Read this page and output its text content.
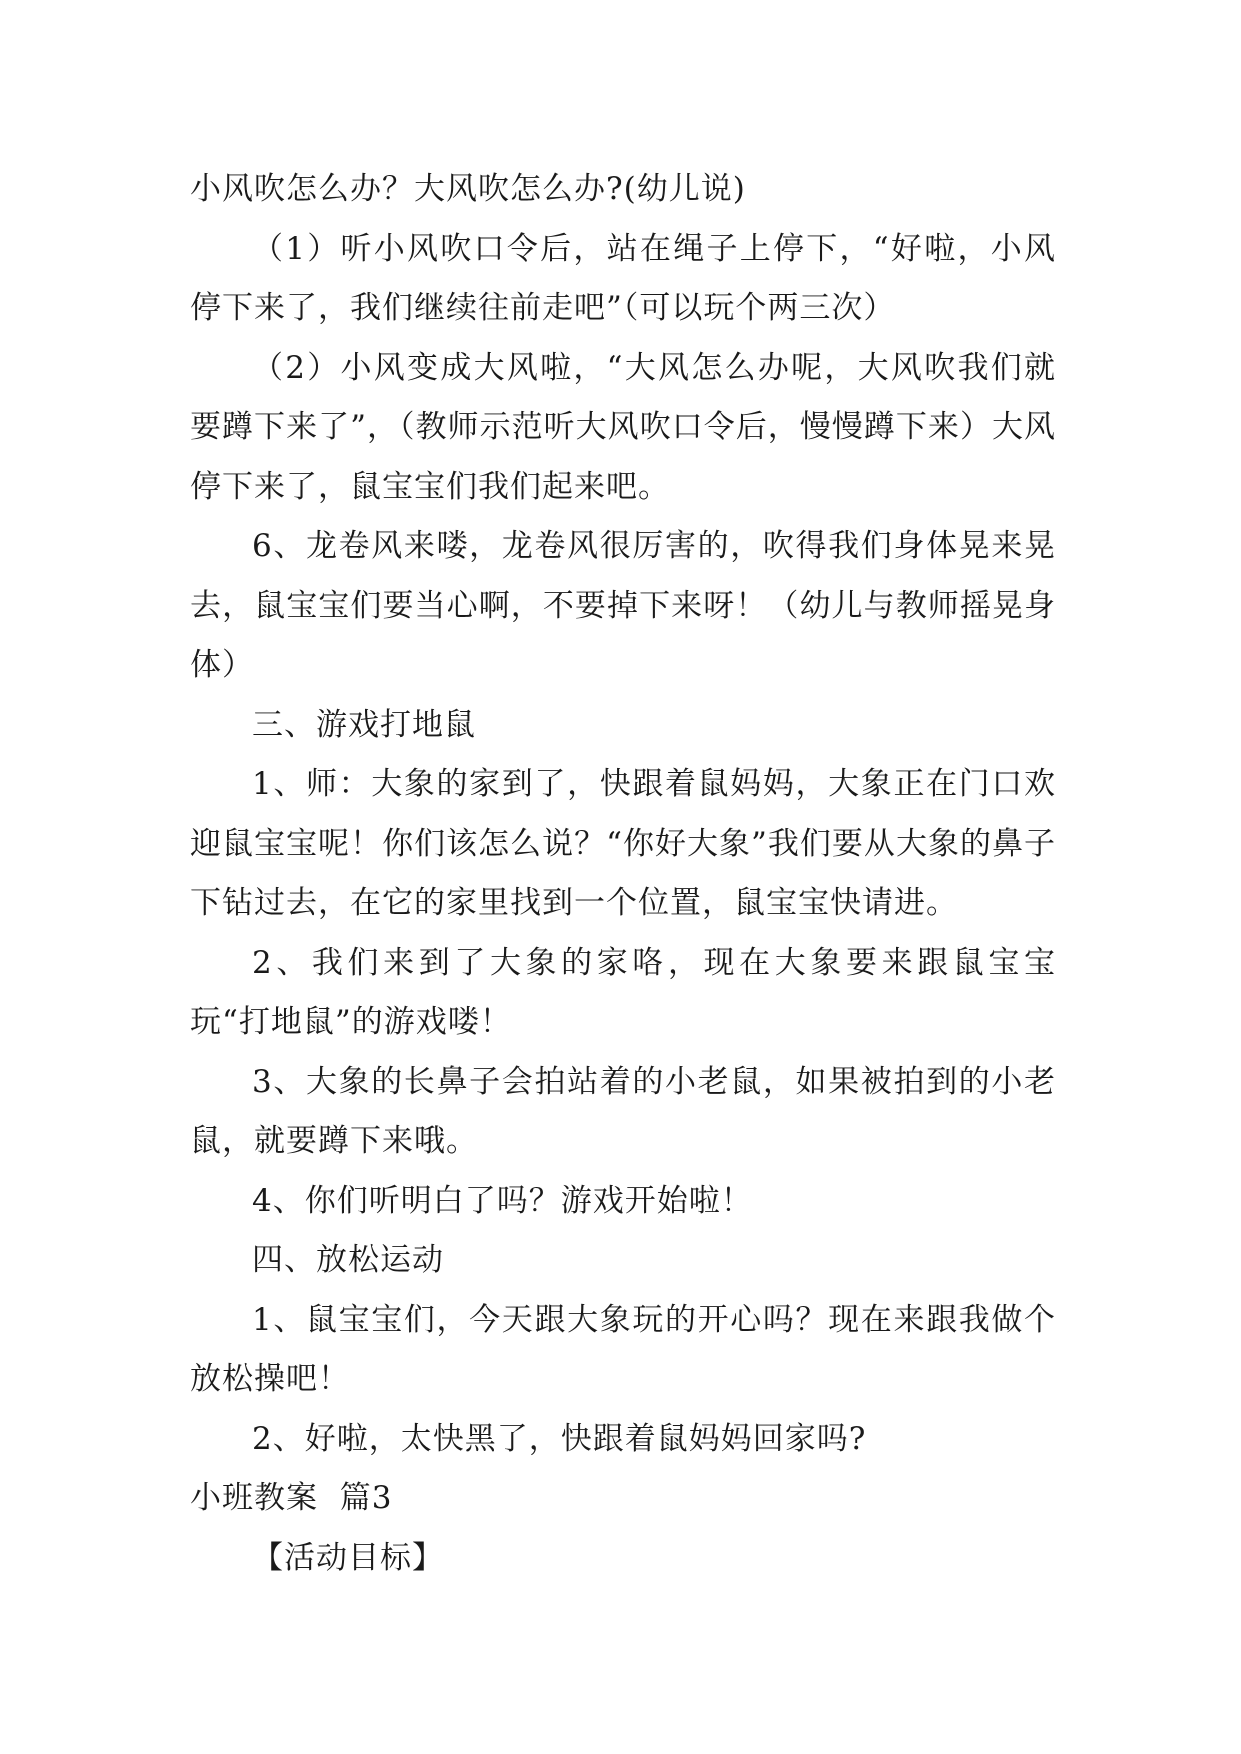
小风吹怎么办？大风吹怎么办?(幼儿说)

（1）听小风吹口令后，站在绳子上停下，“好啦，小风停下来了，我们继续往前走吧”（可以玩个两三次）

（2）小风变成大风啦，“大风怎么办呢，大风吹我们就要蹲下来了”，（教师示范听大风吹口令后，慢慢蹲下来）大风停下来了，鼠宝宝们我们起来吧。

6、龙卷风来喽，龙卷风很厉害的，吹得我们身体晃来晃去，鼠宝宝们要当心啊，不要掉下来呀！（幼儿与教师摇晃身体）

三、游戏打地鼠

1、师：大象的家到了，快跟着鼠妈妈，大象正在门口欢迎鼠宝宝呢！你们该怎么说？“你好大象”我们要从大象的鼻子下钻过去，在它的家里找到一个位置，鼠宝宝快请进。

2、我们来到了大象的家咯，现在大象要来跟鼠宝宝玩“打地鼠”的游戏喽！

3、大象的长鼻子会拍站着的小老鼠，如果被拍到的小老鼠，就要蹲下来哦。

4、你们听明白了吗？游戏开始啦！

四、放松运动

1、鼠宝宝们，今天跟大象玩的开心吗？现在来跟我做个放松操吧！

2、好啦，太快黑了，快跟着鼠妈妈回家吗?

小班教案  篇3

【活动目标】
